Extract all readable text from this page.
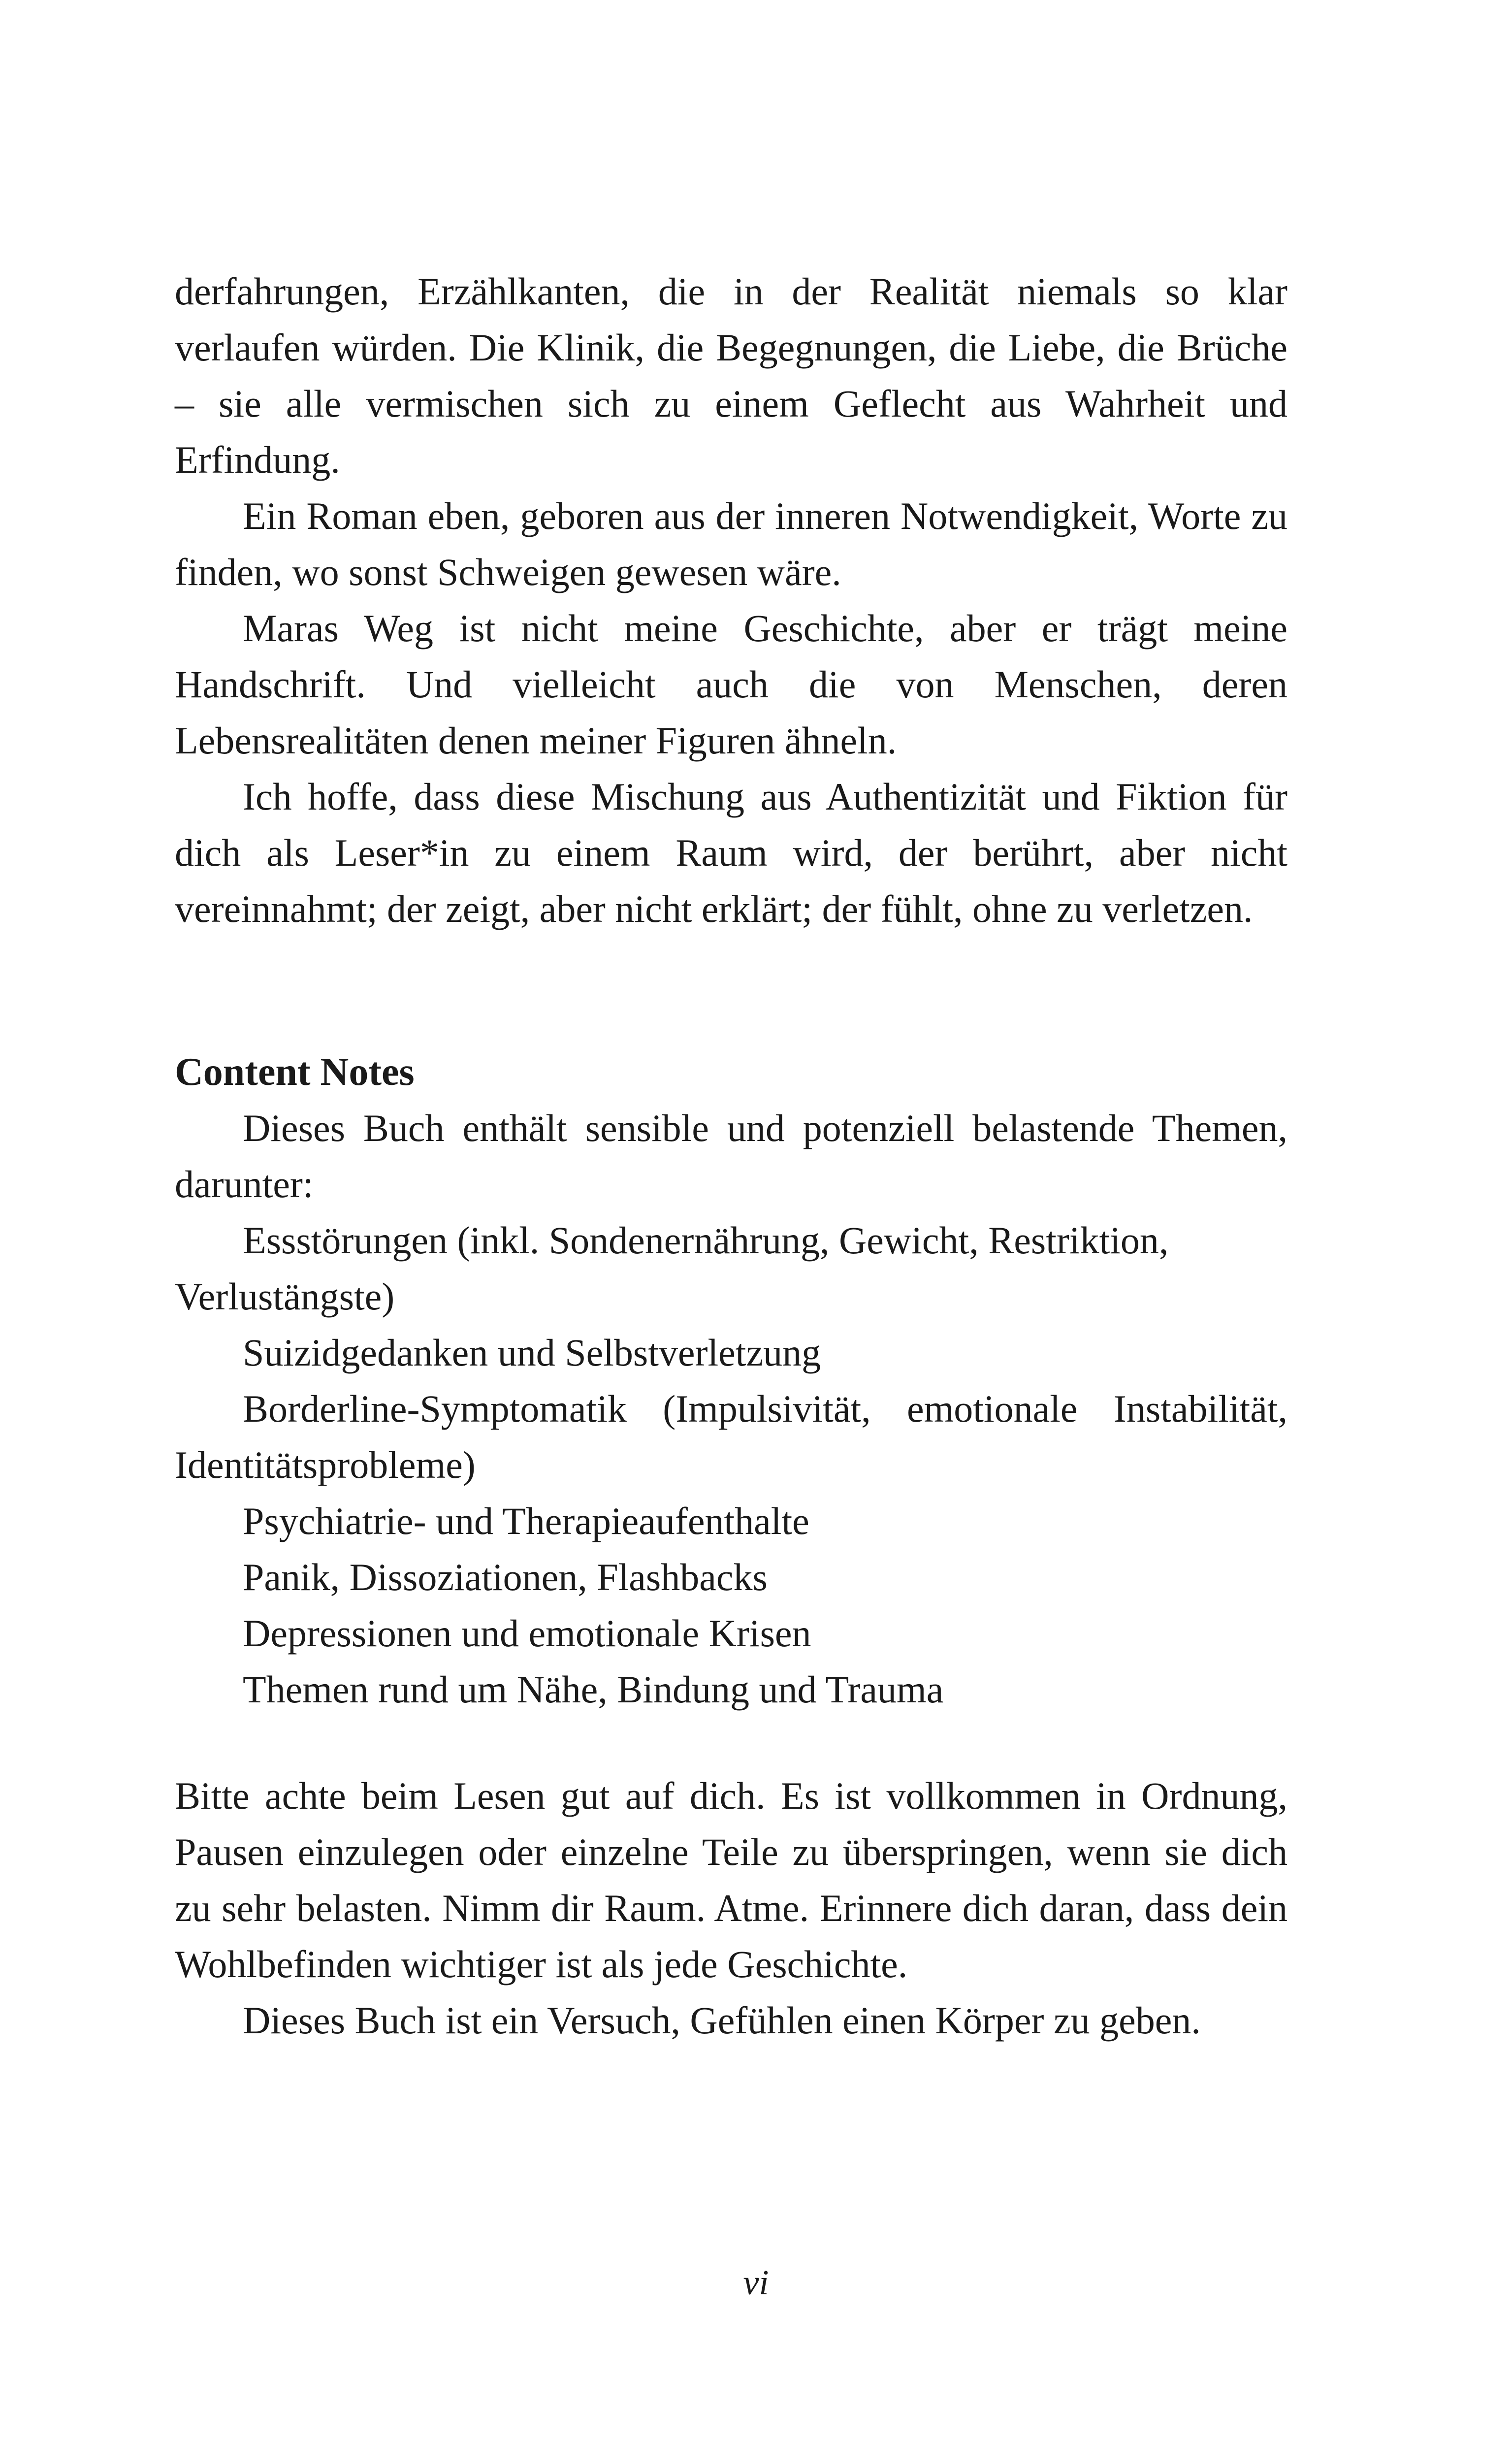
derfahrungen, Erzählkanten, die in der Realität niemals so klar verlaufen würden. Die Klinik, die Begegnungen, die Liebe, die Brüche – sie alle vermischen sich zu einem Geflecht aus Wahrheit und Erfindung.

Ein Roman eben, geboren aus der inneren Notwendigkeit, Worte zu finden, wo sonst Schweigen gewesen wäre.

Maras Weg ist nicht meine Geschichte, aber er trägt meine Handschrift. Und vielleicht auch die von Menschen, deren Lebensrealitäten denen meiner Figuren ähneln.

Ich hoffe, dass diese Mischung aus Authentizität und Fiktion für dich als Leser*in zu einem Raum wird, der berührt, aber nicht vereinnahmt; der zeigt, aber nicht erklärt; der fühlt, ohne zu verletzen.

Content Notes

Dieses Buch enthält sensible und potenziell belastende Themen, darunter:

Essstörungen (inkl. Sondenernährung, Gewicht, Restriktion, Verlustängste)

Suizidgedanken und Selbstverletzung

Borderline-Symptomatik (Impulsivität, emotionale Instabilität, Identitätsprobleme)

Psychiatrie- und Therapieaufenthalte

Panik, Dissoziationen, Flashbacks

Depressionen und emotionale Krisen

Themen rund um Nähe, Bindung und Trauma

Bitte achte beim Lesen gut auf dich. Es ist vollkommen in Ordnung, Pausen einzulegen oder einzelne Teile zu überspringen, wenn sie dich zu sehr belasten. Nimm dir Raum. Atme. Erinnere dich daran, dass dein Wohlbefinden wichtiger ist als jede Geschichte.

Dieses Buch ist ein Versuch, Gefühlen einen Körper zu geben.

vi
